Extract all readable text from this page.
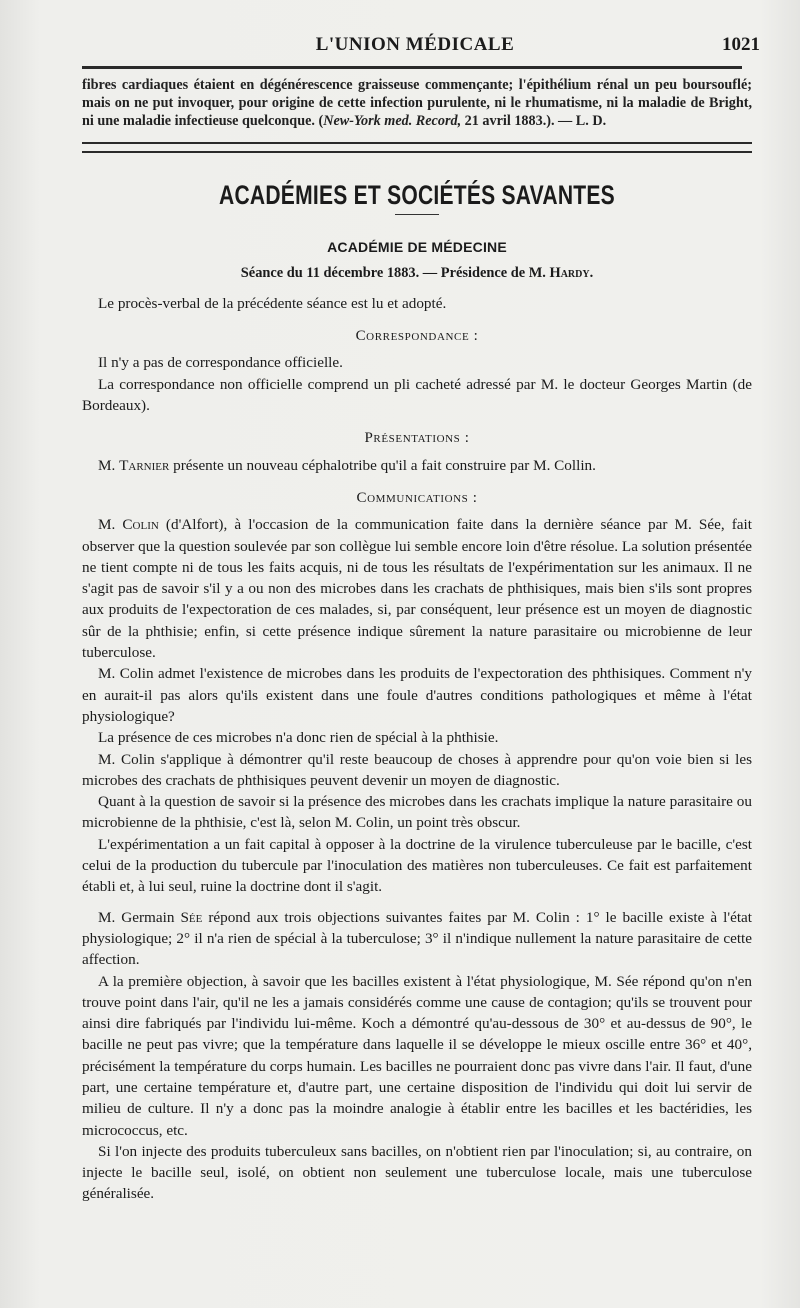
L'UNION MÉDICALE	1021

fibres cardiaques étaient en dégénérescence graisseuse commençante; l'épithélium rénal un peu boursouflé; mais on ne put invoquer, pour origine de cette infection purulente, ni le rhumatisme, ni la maladie de Bright, ni une maladie infectieuse quelconque. (New-York med. Record, 21 avril 1883.). — L. D.

ACADÉMIES ET SOCIÉTÉS SAVANTES
ACADÉMIE DE MÉDECINE
Séance du 11 décembre 1883. — Présidence de M. Hardy.

Le procès-verbal de la précédente séance est lu et adopté.

Correspondance :

Il n'y a pas de correspondance officielle.

La correspondance non officielle comprend un pli cacheté adressé par M. le docteur Georges Martin (de Bordeaux).

Présentations :

M. Tarnier présente un nouveau céphalotribe qu'il a fait construire par M. Collin.

Communications :

M. Colin (d'Alfort), à l'occasion de la communication faite dans la dernière séance par M. Sée, fait observer que la question soulevée par son collègue lui semble encore loin d'être résolue. La solution présentée ne tient compte ni de tous les faits acquis, ni de tous les résultats de l'expérimentation sur les animaux. Il ne s'agit pas de savoir s'il y a ou non des microbes dans les crachats de phthisiques, mais bien s'ils sont propres aux produits de l'expectoration de ces malades, si, par conséquent, leur présence est un moyen de diagnostic sûr de la phthisie; enfin, si cette présence indique sûrement la nature parasitaire ou microbienne de leur tuberculose.

M. Colin admet l'existence de microbes dans les produits de l'expectoration des phthisiques. Comment n'y en aurait-il pas alors qu'ils existent dans une foule d'autres conditions pathologiques et même à l'état physiologique?

La présence de ces microbes n'a donc rien de spécial à la phthisie.

M. Colin s'applique à démontrer qu'il reste beaucoup de choses à apprendre pour qu'on voie bien si les microbes des crachats de phthisiques peuvent devenir un moyen de diagnostic.

Quant à la question de savoir si la présence des microbes dans les crachats implique la nature parasitaire ou microbienne de la phthisie, c'est là, selon M. Colin, un point très obscur.

L'expérimentation a un fait capital à opposer à la doctrine de la virulence tuberculeuse par le bacille, c'est celui de la production du tubercule par l'inoculation des matières non tuberculeuses. Ce fait est parfaitement établi et, à lui seul, ruine la doctrine dont il s'agit.

M. Germain Sée répond aux trois objections suivantes faites par M. Colin : 1° le bacille existe à l'état physiologique; 2° il n'a rien de spécial à la tuberculose; 3° il n'indique nullement la nature parasitaire de cette affection.

A la première objection, à savoir que les bacilles existent à l'état physiologique, M. Sée répond qu'on n'en trouve point dans l'air, qu'il ne les a jamais considérés comme une cause de contagion; qu'ils se trouvent pour ainsi dire fabriqués par l'individu lui-même. Koch a démontré qu'au-dessous de 30° et au-dessus de 90°, le bacille ne peut pas vivre; que la température dans laquelle il se développe le mieux oscille entre 36° et 40°, précisément la température du corps humain. Les bacilles ne pourraient donc pas vivre dans l'air. Il faut, d'une part, une certaine température et, d'autre part, une certaine disposition de l'individu qui doit lui servir de milieu de culture. Il n'y a donc pas la moindre analogie à établir entre les bacilles et les bactéridies, les micrococcus, etc.

Si l'on injecte des produits tuberculeux sans bacilles, on n'obtient rien par l'inoculation; si, au contraire, on injecte le bacille seul, isolé, on obtient non seulement une tuberculose locale, mais une tuberculose généralisée.
